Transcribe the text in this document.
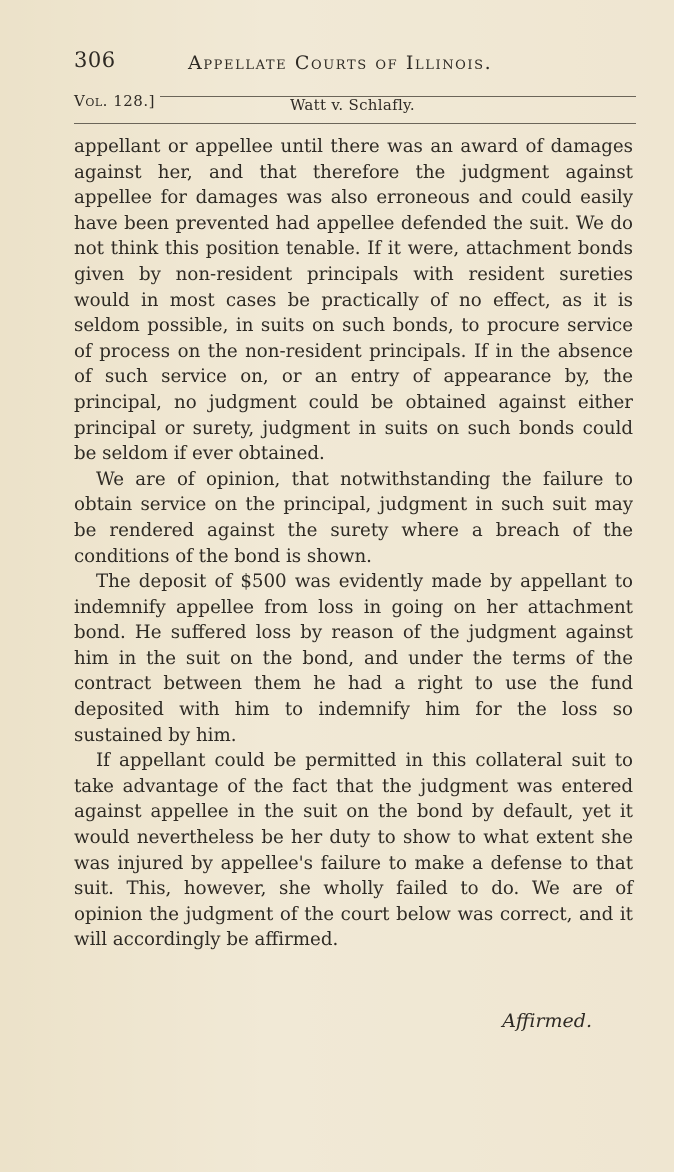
306	Appellate Courts of Illinois.
Vol. 128.]	Watt v. Schlafly.

appellant or appellee until there was an award of damages against her, and that therefore the judgment against appellee for damages was also erroneous and could easily have been prevented had appellee defended the suit. We do not think this position tenable. If it were, attachment bonds given by non-resident principals with resident sureties would in most cases be practically of no effect, as it is seldom possible, in suits on such bonds, to procure service of process on the non-resident principals. If in the absence of such service on, or an entry of appearance by, the principal, no judgment could be obtained against either principal or surety, judgment in suits on such bonds could be seldom if ever obtained.

We are of opinion, that notwithstanding the failure to obtain service on the principal, judgment in such suit may be rendered against the surety where a breach of the conditions of the bond is shown.

The deposit of $500 was evidently made by appellant to indemnify appellee from loss in going on her attachment bond. He suffered loss by reason of the judgment against him in the suit on the bond, and under the terms of the contract between them he had a right to use the fund deposited with him to indemnify him for the loss so sustained by him.

If appellant could be permitted in this collateral suit to take advantage of the fact that the judgment was entered against appellee in the suit on the bond by default, yet it would nevertheless be her duty to show to what extent she was injured by appellee's failure to make a defense to that suit. This, however, she wholly failed to do. We are of opinion the judgment of the court below was correct, and it will accordingly be affirmed.

Affirmed.
